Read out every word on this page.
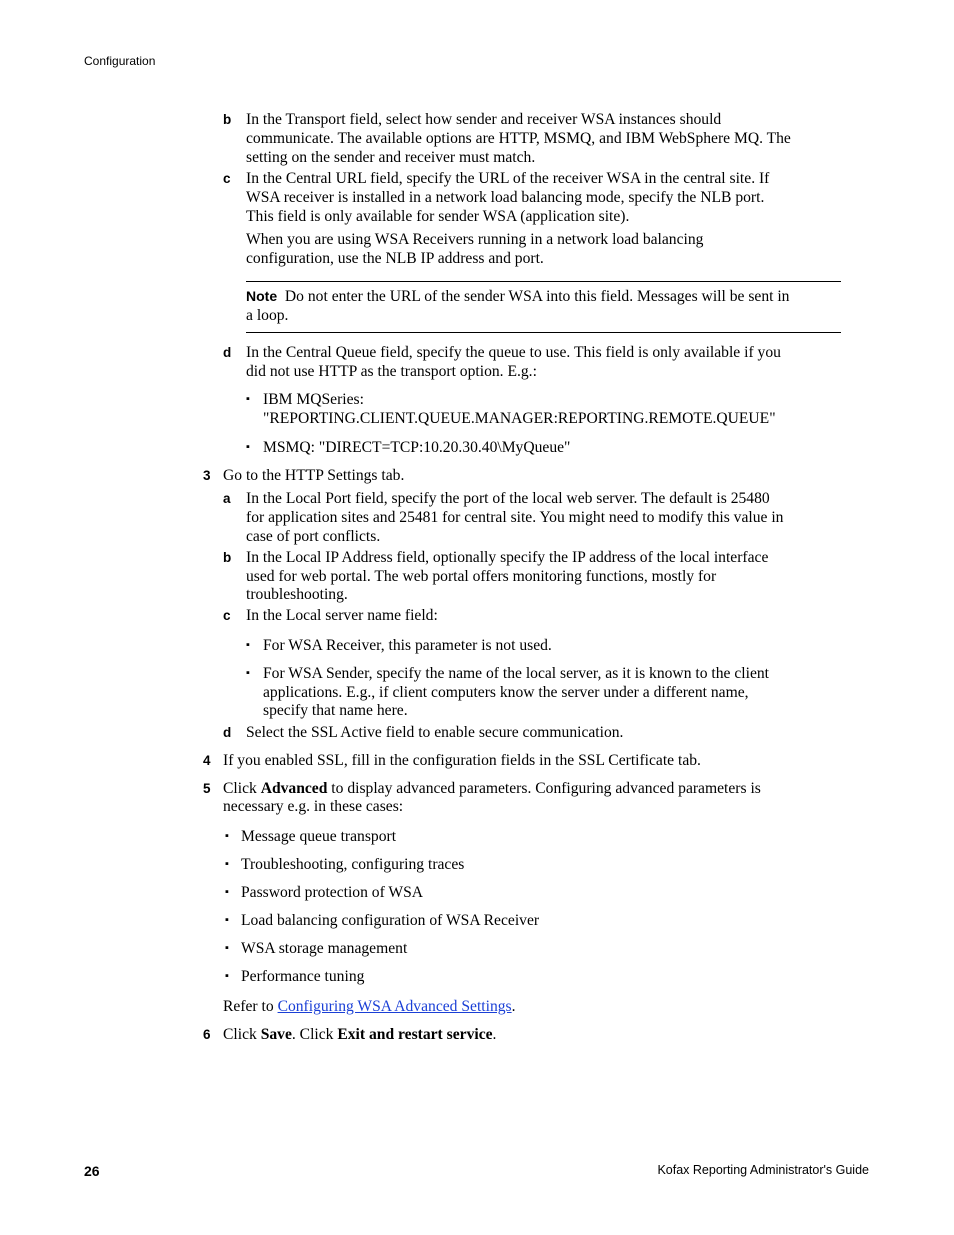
Configuration
26	Kofax Reporting Administrator's Guide
b In the Transport field, select how sender and receiver WSA instances should
communicate. The available options are HTTP, MSMQ, and IBM WebSphere MQ. The
setting on the sender and receiver must match.
c In the Central URL field, specify the URL of the receiver WSA in the central site. If
WSA receiver is installed in a network load balancing mode, specify the NLB port.
This field is only available for sender WSA (application site).
When you are using WSA Receivers running in a network load balancing
configuration, use the NLB IP address and port.
Note Do not enter the URL of the sender WSA into this field. Messages will be sent in
a loop.
d In the Central Queue field, specify the queue to use. This field is only available if you
did not use HTTP as the transport option. E.g.:
▪ IBM MQSeries:
"REPORTING.CLIENT.QUEUE.MANAGER:REPORTING.REMOTE.QUEUE"
▪ MSMQ: "DIRECT=TCP:10.20.30.40\MyQueue"
3 Go to the HTTP Settings tab.
a In the Local Port field, specify the port of the local web server. The default is 25480
for application sites and 25481 for central site. You might need to modify this value in
case of port conflicts.
b In the Local IP Address field, optionally specify the IP address of the local interface
used for web portal. The web portal offers monitoring functions, mostly for
troubleshooting.
c In the Local server name field:
▪ For WSA Receiver, this parameter is not used.
▪ For WSA Sender, specify the name of the local server, as it is known to the client
applications. E.g., if client computers know the server under a different name,
specify that name here.
d Select the SSL Active field to enable secure communication.
4 If you enabled SSL, fill in the configuration fields in the SSL Certificate tab.
5 Click Advanced to display advanced parameters. Configuring advanced parameters is
necessary e.g. in these cases:
▪ Message queue transport
▪ Troubleshooting, configuring traces
▪ Password protection of WSA
▪ Load balancing configuration of WSA Receiver
▪ WSA storage management
▪ Performance tuning
Refer to Configuring WSA Advanced Settings.
6 Click Save. Click Exit and restart service.
